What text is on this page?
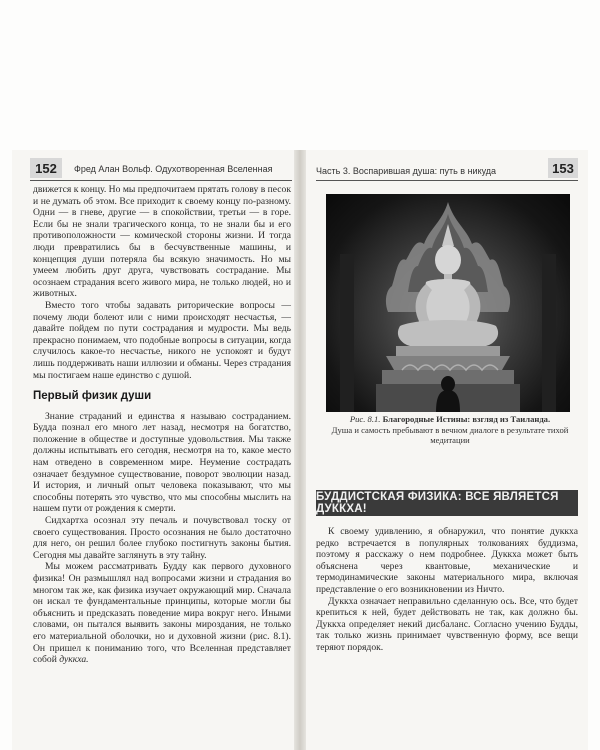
152	Фред Алан Вольф. Одухотворенная Вселенная	Часть 3. Воспарившая душа: путь в никуда	153

движется к концу. Но мы предпочитаем прятать голову в песок и не думать об этом. Все приходит к своему концу по-разному. Одни — в гневе, другие — в спокойствии, третьи — в горе. Если бы не знали трагического конца, то не знали бы и его противоположности — комической стороны жизни. И тогда люди превратились бы в бесчувственные машины, и концепция души потеряла бы всякую значимость. Но мы умеем любить друг друга, чувствовать сострадание. Мы осознаем страдания всего живого мира, не только людей, но и животных.

Вместо того чтобы задавать риторические вопросы — почему люди болеют или с ними происходят несчастья, — давайте пойдем по пути сострадания и мудрости. Мы ведь прекрасно понимаем, что подобные вопросы в ситуации, когда случилось какое-то несчастье, никого не успокоят и будут лишь поддерживать наши иллюзии и обманы. Через страдания мы постигаем наше единство с душой.

Первый физик души

Знание страданий и единства я называю состраданием. Будда познал его много лет назад, несмотря на богатство, положение в обществе и доступные удовольствия. Мы также должны испытывать его сегодня, несмотря на то, какое место нам отведено в современном мире. Неумение сострадать означает бездумное существование, поворот эволюции назад. И история, и личный опыт человека показывают, что мы способны потерять это чувство, что мы способны мыслить на нашем пути от рождения к смерти.

Сидхартха осознал эту печаль и почувствовал тоску от своего существования. Просто осознания не было достаточно для него, он решил более глубоко постигнуть законы бытия. Сегодня мы давайте заглянуть в эту тайну.

Мы можем рассматривать Будду как первого духовного физика! Он размышлял над вопросами жизни и страдания во многом так же, как физика изучает окружающий мир. Сначала он искал те фундаментальные принципы, которые могли бы объяснить и предсказать поведение мира вокруг него. Иными словами, он пытался выявить законы мироздания, не только его материальной оболочки, но и духовной жизни (рис. 8.1). Он пришел к пониманию того, что Вселенная представляет собой дуккха.

Рис. 8.1. Благородные Истины: взгляд из Таиланда.
Душа и самость пребывают в вечном диалоге в результате тихой медитации
БУДДИСТСКАЯ ФИЗИКА: ВСЕ ЯВЛЯЕТСЯ ДУККХА!

К своему удивлению, я обнаружил, что понятие дуккха редко встречается в популярных толкованиях буддизма, поэтому я расскажу о нем подробнее. Дуккха может быть объяснена через квантовые, механические и термодинамические законы материального мира, включая представление о его возникновении из Ничто.

Дуккха означает неправильно сделанную ось. Все, что будет крепиться к ней, будет действовать не так, как должно бы. Дуккха определяет некий дисбаланс. Согласно учению Будды, так только жизнь принимает чувственную форму, все вещи теряют порядок.
